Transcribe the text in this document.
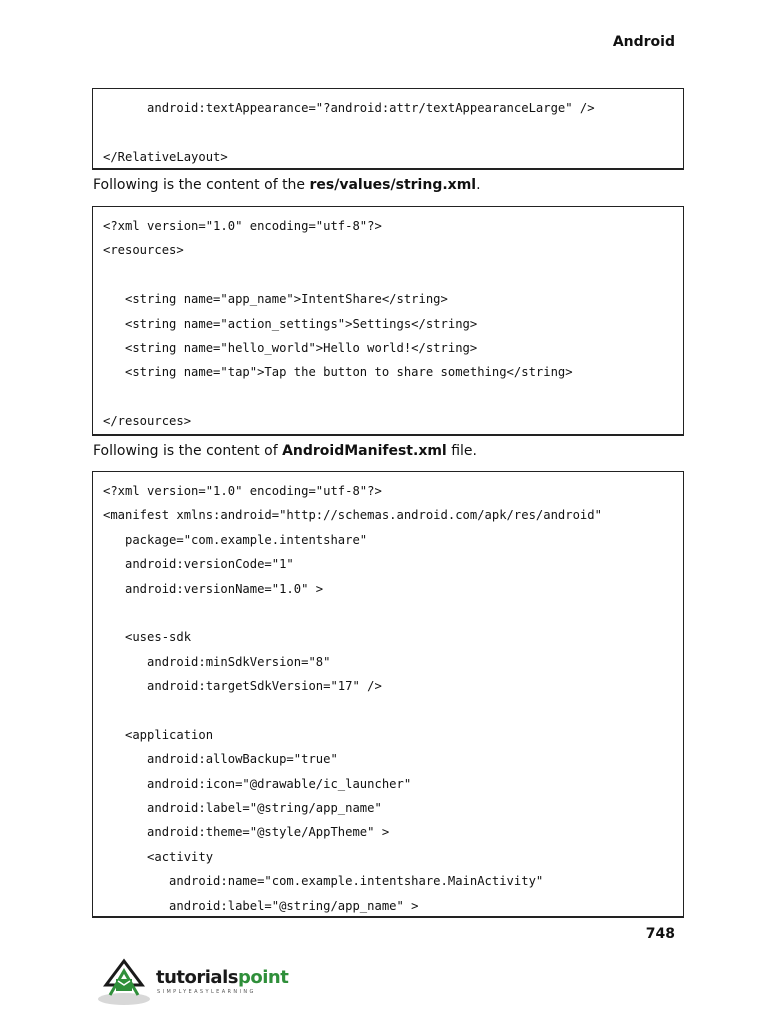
Android
android:textAppearance="?android:attr/textAppearanceLarge" />
</RelativeLayout>
Following is the content of the res/values/string.xml.
<?xml version="1.0" encoding="utf-8"?>
<resources>
<string name="app_name">IntentShare</string>
<string name="action_settings">Settings</string>
<string name="hello_world">Hello world!</string>
<string name="tap">Tap the button to share something</string>
</resources>
Following is the content of AndroidManifest.xml file.
<?xml version="1.0" encoding="utf-8"?>
<manifest xmlns:android="http://schemas.android.com/apk/res/android"
package="com.example.intentshare"
android:versionCode="1"
android:versionName="1.0" >
<uses-sdk
android:minSdkVersion="8"
android:targetSdkVersion="17" />
<application
android:allowBackup="true"
android:icon="@drawable/ic_launcher"
android:label="@string/app_name"
android:theme="@style/AppTheme" >
<activity
android:name="com.example.intentshare.MainActivity"
android:label="@string/app_name" >
748
tutorialspoint
SIMPLYEASYLEARNING
